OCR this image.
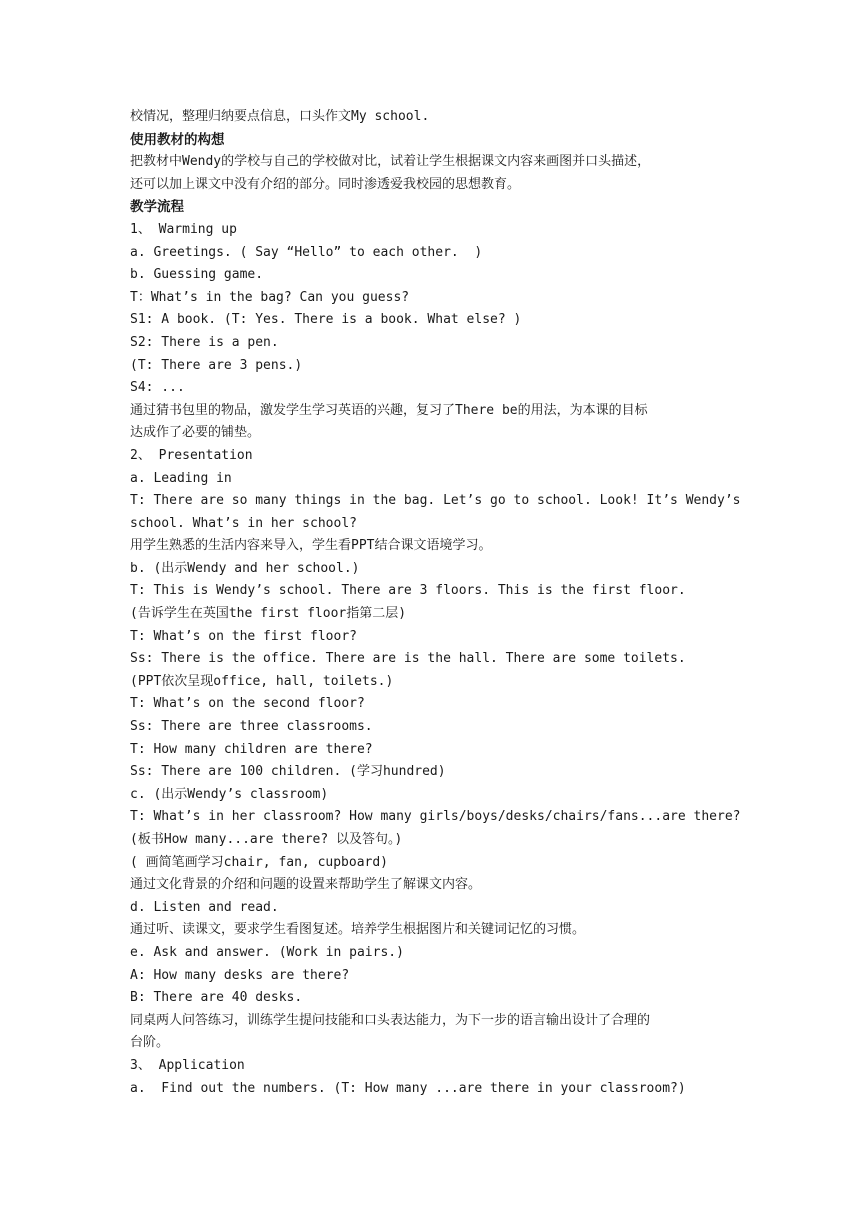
校情况，整理归纳要点信息，口头作文My school.
使用教材的构想
把教材中Wendy的学校与自己的学校做对比，试着让学生根据课文内容来画图并口头描述，
还可以加上课文中没有介绍的部分。同时渗透爱我校园的思想教育。
教学流程
1、 Warming up
a. Greetings. ( Say “Hello” to each other.  )
b. Guessing game.
T：What’s in the bag? Can you guess?
S1: A book. (T: Yes. There is a book. What else? )
S2: There is a pen.
(T: There are 3 pens.)
S4: ...
通过猜书包里的物品，激发学生学习英语的兴趣，复习了There be的用法，为本课的目标
达成作了必要的铺垫。
2、 Presentation
a. Leading in
T: There are so many things in the bag. Let’s go to school. Look! It’s Wendy’s
school. What’s in her school?
用学生熟悉的生活内容来导入，学生看PPT结合课文语境学习。
b. (出示Wendy and her school.)
T: This is Wendy’s school. There are 3 floors. This is the first floor.
(告诉学生在英国the first floor指第二层)
T: What’s on the first floor?
Ss: There is the office. There are is the hall. There are some toilets.
(PPT依次呈现office, hall, toilets.)
T: What’s on the second floor?
Ss: There are three classrooms.
T: How many children are there?
Ss: There are 100 children. (学习hundred)
c. (出示Wendy’s classroom)
T: What’s in her classroom? How many girls/boys/desks/chairs/fans...are there?
(板书How many...are there? 以及答句。)
( 画简笔画学习chair, fan, cupboard)
通过文化背景的介绍和问题的设置来帮助学生了解课文内容。
d. Listen and read.
通过听、读课文，要求学生看图复述。培养学生根据图片和关键词记忆的习惯。
e. Ask and answer. (Work in pairs.)
A: How many desks are there?
B: There are 40 desks.
同桌两人问答练习，训练学生提问技能和口头表达能力，为下一步的语言输出设计了合理的
台阶。
3、 Application
a.  Find out the numbers. (T: How many ...are there in your classroom?)
